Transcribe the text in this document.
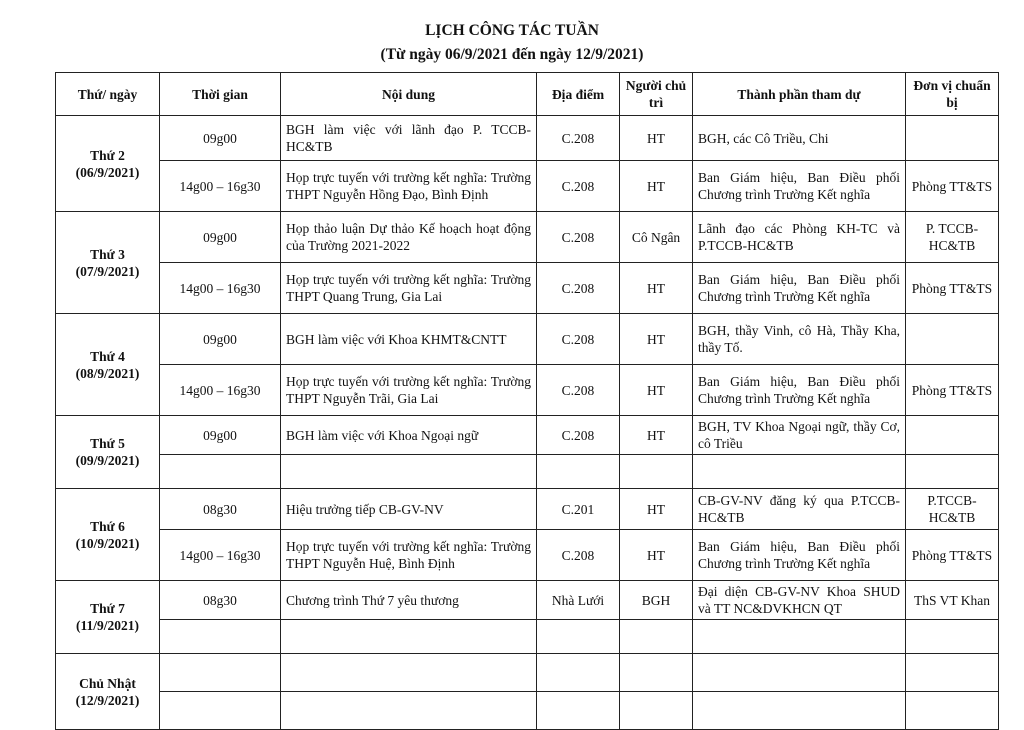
LỊCH CÔNG TÁC TUẦN
(Từ ngày 06/9/2021 đến ngày 12/9/2021)
Thứ/ ngày	Thời gian	Nội dung	Địa điểm	Người chủ trì	Thành phần tham dự	Đơn vị chuẩn bị

Thứ 2
(06/9/2021)	09g00	BGH làm việc với lãnh đạo P. TCCB-HC&TB	C.208	HT	BGH, các Cô Triều, Chi	
	14g00 – 16g30	Họp trực tuyến với trường kết nghĩa: Trường THPT Nguyễn Hồng Đạo, Bình Định	C.208	HT	Ban Giám hiệu, Ban Điều phối Chương trình Trường Kết nghĩa	Phòng TT&TS

Thứ 3
(07/9/2021)	09g00	Họp thảo luận Dự thảo Kế hoạch hoạt động của Trường 2021-2022	C.208	Cô Ngân	Lãnh đạo các Phòng KH-TC và P.TCCB-HC&TB	P. TCCB-HC&TB
	14g00 – 16g30	Họp trực tuyến với trường kết nghĩa: Trường THPT Quang Trung, Gia Lai	C.208	HT	Ban Giám hiệu, Ban Điều phối Chương trình Trường Kết nghĩa	Phòng TT&TS

Thứ 4
(08/9/2021)	09g00	BGH làm việc với Khoa KHMT&CNTT	C.208	HT	BGH, thầy Vinh, cô Hà, Thầy Kha, thầy Tố.	
	14g00 – 16g30	Họp trực tuyến với trường kết nghĩa: Trường THPT Nguyễn Trãi, Gia Lai	C.208	HT	Ban Giám hiệu, Ban Điều phối Chương trình Trường Kết nghĩa	Phòng TT&TS

Thứ 5
(09/9/2021)	09g00	BGH làm việc với Khoa Ngoại ngữ	C.208	HT	BGH, TV Khoa Ngoại ngữ, thầy Cơ, cô Triều	

Thứ 6
(10/9/2021)	08g30	Hiệu trưởng tiếp CB-GV-NV	C.201	HT	CB-GV-NV đăng ký qua P.TCCB-HC&TB	P.TCCB-HC&TB
	14g00 – 16g30	Họp trực tuyến với trường kết nghĩa: Trường THPT Nguyễn Huệ, Bình Định	C.208	HT	Ban Giám hiệu, Ban Điều phối Chương trình Trường Kết nghĩa	Phòng TT&TS

Thứ 7
(11/9/2021)	08g30	Chương trình Thứ 7 yêu thương	Nhà Lưới	BGH	Đại diện CB-GV-NV Khoa SHUD và TT NC&DVKHCN QT	ThS VT Khan

Chủ Nhật
(12/9/2021)						
